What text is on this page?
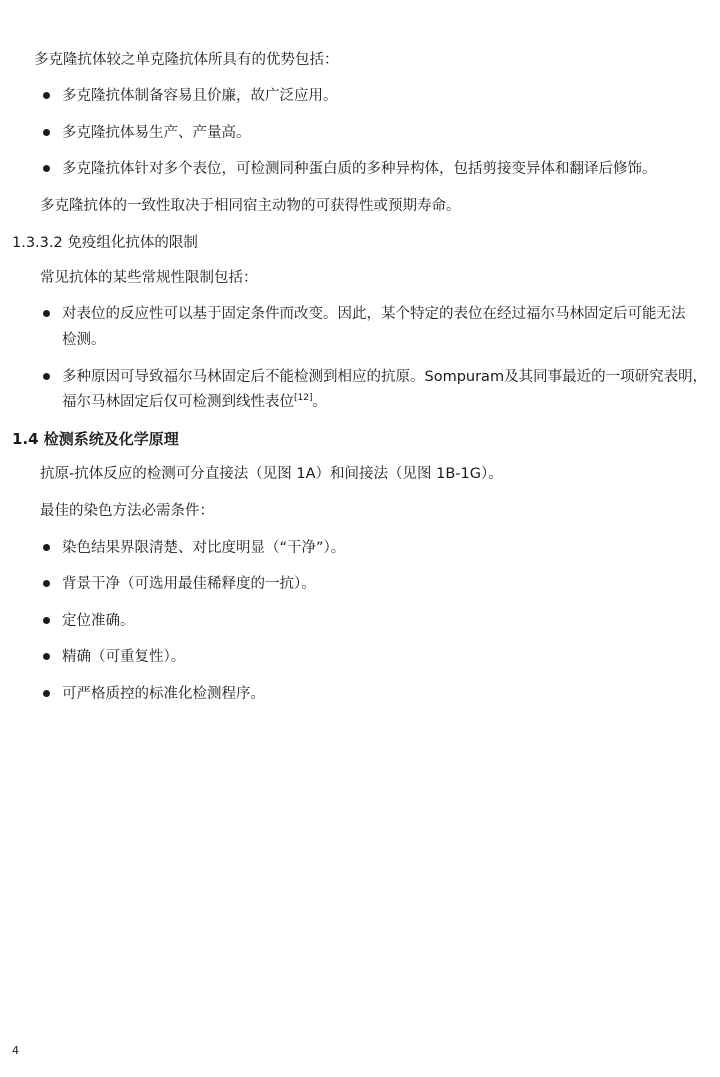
多克隆抗体较之单克隆抗体所具有的优势包括：
多克隆抗体制备容易且价廉，故广泛应用。
多克隆抗体易生产、产量高。
多克隆抗体针对多个表位，可检测同种蛋白质的多种异构体，包括剪接变异体和翻译后修饰。
多克隆抗体的一致性取决于相同宿主动物的可获得性或预期寿命。
1.3.3.2 免疫组化抗体的限制
常见抗体的某些常规性限制包括：
对表位的反应性可以基于固定条件而改变。因此，某个特定的表位在经过福尔马林固定后可能无法
检测。
多种原因可导致福尔马林固定后不能检测到相应的抗原。Sompuram及其同事最近的一项研究表明，
福尔马林固定后仅可检测到线性表位[12]。
1.4 检测系统及化学原理
抗原-抗体反应的检测可分直接法（见图 1A）和间接法（见图 1B-1G）。
最佳的染色方法必需条件：
染色结果界限清楚、对比度明显（“干净”）。
背景干净（可选用最佳稀释度的一抗）。
定位准确。
精确（可重复性）。
可严格质控的标准化检测程序。
4
